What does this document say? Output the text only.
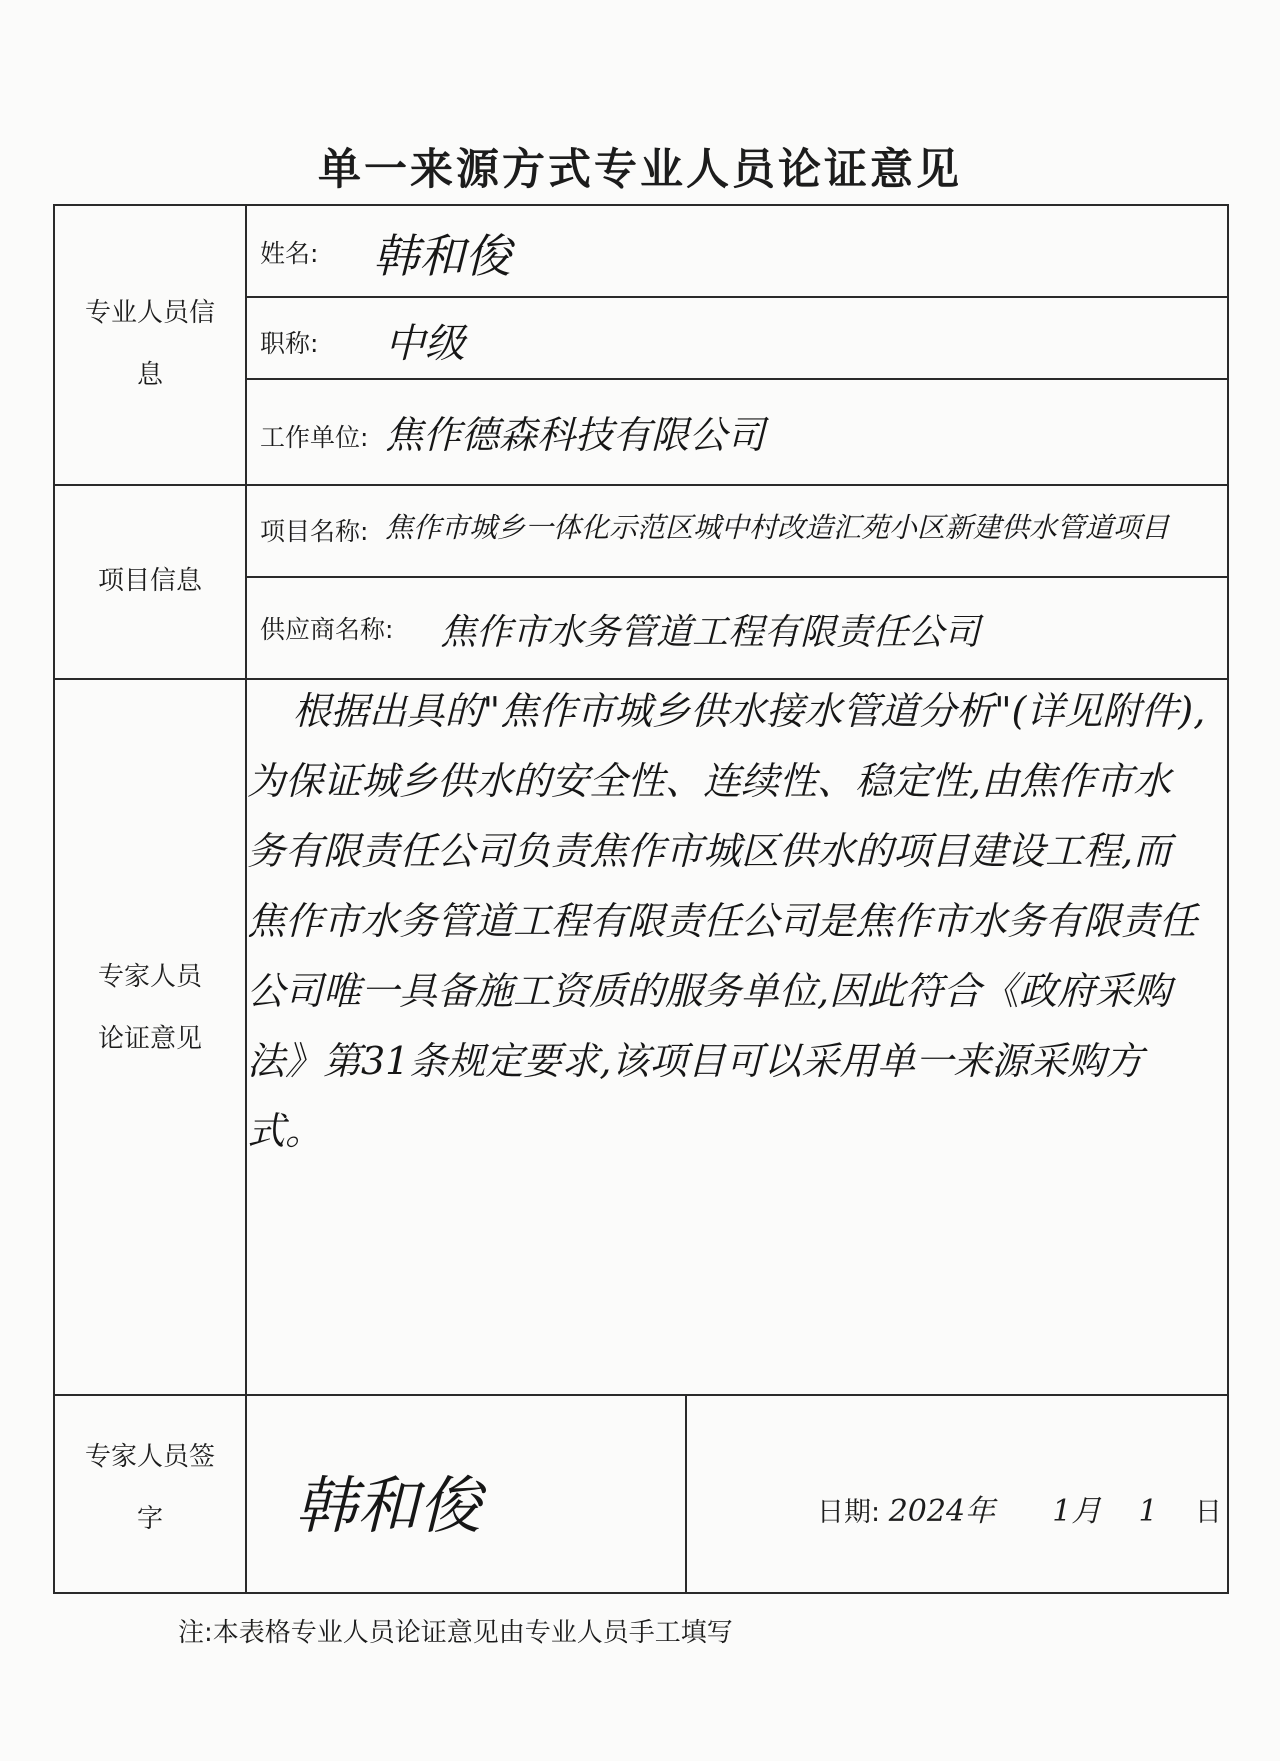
单一来源方式专业人员论证意见
专业人员信
息
项目信息
专家人员
论证意见
专家人员签
字
姓名: 韩和俊
职称: 中级
工作单位: 焦作德森科技有限公司
项目名称: 焦作市城乡一体化示范区城中村改造汇苑小区新建供水管道项目
供应商名称: 焦作市水务管道工程有限责任公司
根据出具的"焦作市城乡供水接水管道分析"(详见附件),为保证城乡供水的安全性、连续性、稳定性,由焦作市水务有限责任公司负责焦作市城区供水的项目建设工程,而焦作市水务管道工程有限责任公司是焦作市水务有限责任公司唯一具备施工资质的服务单位,因此符合《政府采购法》第31条规定要求,该项目可以采用单一来源采购方式。
韩和俊	日期: 2024年 1月 1 日
注:本表格专业人员论证意见由专业人员手工填写
